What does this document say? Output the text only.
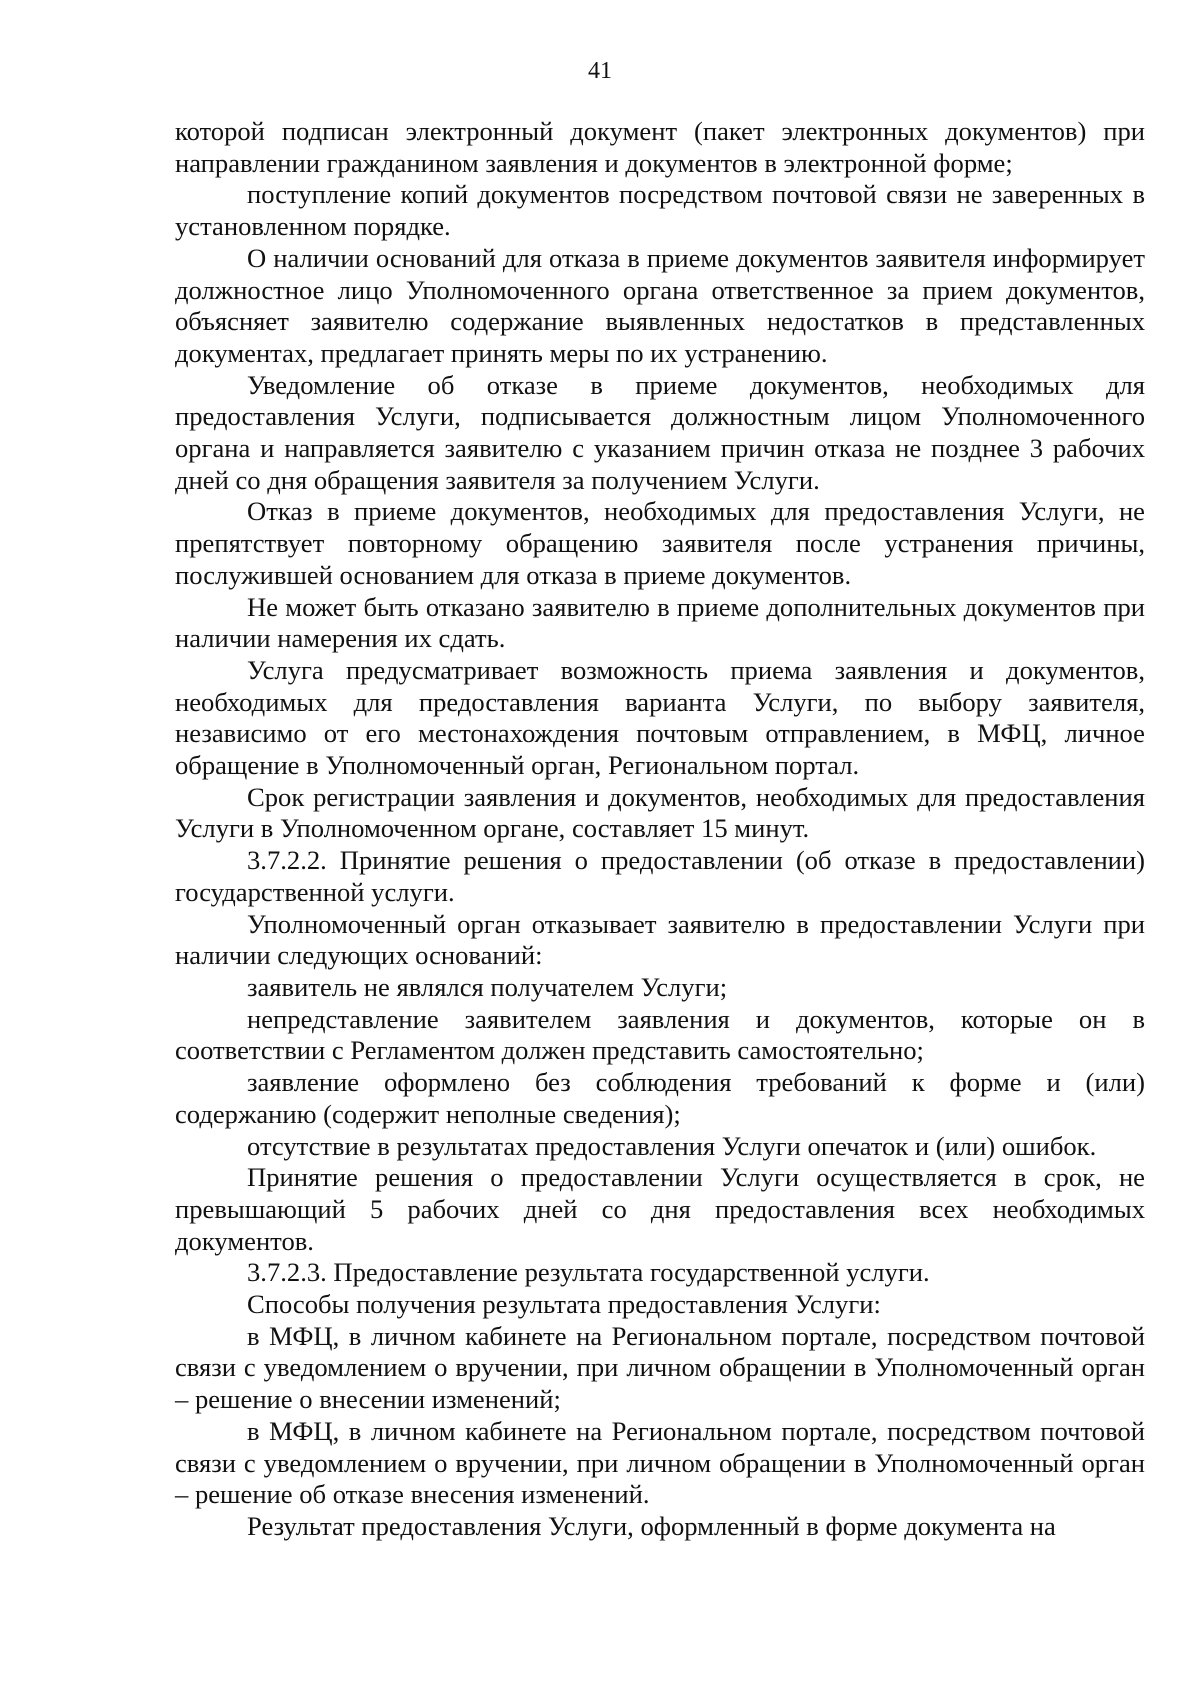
41

которой подписан электронный документ (пакет электронных документов) при направлении гражданином заявления и документов в электронной форме;

поступление копий документов посредством почтовой связи не заверенных в установленном порядке.

О наличии оснований для отказа в приеме документов заявителя информирует должностное лицо Уполномоченного органа ответственное за прием документов, объясняет заявителю содержание выявленных недостатков в представленных документах, предлагает принять меры по их устранению.

Уведомление об отказе в приеме документов, необходимых для предоставления Услуги, подписывается должностным лицом Уполномоченного органа и направляется заявителю с указанием причин отказа не позднее 3 рабочих дней со дня обращения заявителя за получением Услуги.

Отказ в приеме документов, необходимых для предоставления Услуги, не препятствует повторному обращению заявителя после устранения причины, послужившей основанием для отказа в приеме документов.

Не может быть отказано заявителю в приеме дополнительных документов при наличии намерения их сдать.

Услуга предусматривает возможность приема заявления и документов, необходимых для предоставления варианта Услуги, по выбору заявителя, независимо от его местонахождения почтовым отправлением, в МФЦ, личное обращение в Уполномоченный орган, Региональном портал.

Срок регистрации заявления и документов, необходимых для предоставления Услуги в Уполномоченном органе, составляет 15 минут.

3.7.2.2. Принятие решения о предоставлении (об отказе в предоставлении) государственной услуги.

Уполномоченный орган отказывает заявителю в предоставлении Услуги при наличии следующих оснований:

заявитель не являлся получателем Услуги;

непредставление заявителем заявления и документов, которые он в соответствии с Регламентом должен представить самостоятельно;

заявление оформлено без соблюдения требований к форме и (или) содержанию (содержит неполные сведения);

отсутствие в результатах предоставления Услуги опечаток и (или) ошибок.

Принятие решения о предоставлении Услуги осуществляется в срок, не превышающий 5 рабочих дней со дня предоставления всех необходимых документов.

3.7.2.3. Предоставление результата государственной услуги.

Способы получения результата предоставления Услуги:

в МФЦ, в личном кабинете на Региональном портале, посредством почтовой связи с уведомлением о вручении, при личном обращении в Уполномоченный орган – решение о внесении изменений;

в МФЦ, в личном кабинете на Региональном портале, посредством почтовой связи с уведомлением о вручении, при личном обращении в Уполномоченный орган – решение об отказе внесения изменений.

Результат предоставления Услуги, оформленный в форме документа на
